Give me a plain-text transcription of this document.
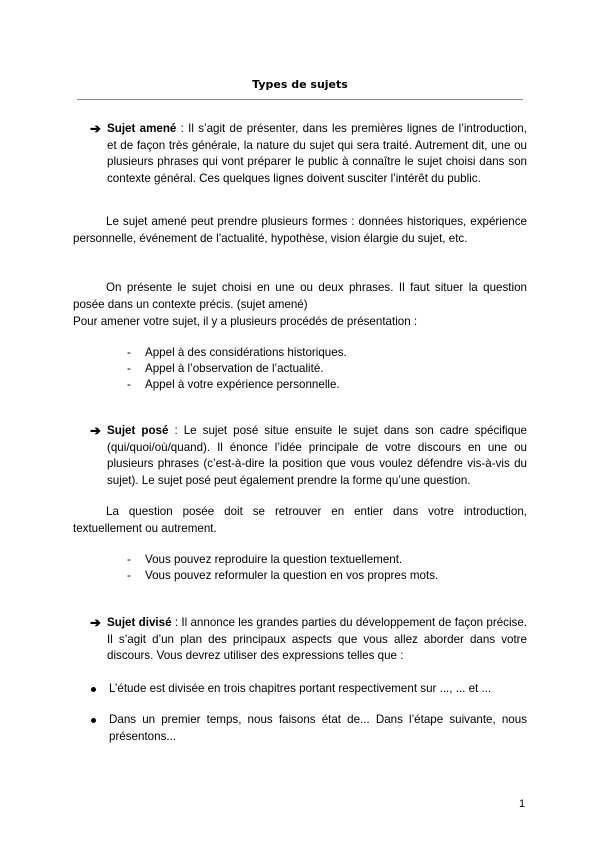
Types de sujets
➔ Sujet amené : Il s’agit de présenter, dans les premières lignes de l’introduction, et de façon très générale, la nature du sujet qui sera traité. Autrement dit, une ou plusieurs phrases qui vont préparer le public à connaître le sujet choisi dans son contexte général. Ces quelques lignes doivent susciter l’intérêt du public.

Le sujet amené peut prendre plusieurs formes : données historiques, expérience personnelle, événement de l’actualité, hypothèse, vision élargie du sujet, etc.

On présente le sujet choisi en une ou deux phrases. Il faut situer la question posée dans un contexte précis. (sujet amené)

Pour amener votre sujet, il y a plusieurs procédés de présentation :

- Appel à des considérations historiques.
- Appel à l’observation de l’actualité.
- Appel à votre expérience personnelle.
➔ Sujet posé : Le sujet posé situe ensuite le sujet dans son cadre spécifique (qui/quoi/où/quand). Il énonce l’idée principale de votre discours en une ou plusieurs phrases (c’est-à-dire la position que vous voulez défendre vis-à-vis du sujet). Le sujet posé peut également prendre la forme qu’une question.

La question posée doit se retrouver en entier dans votre introduction, textuellement ou autrement.

- Vous pouvez reproduire la question textuellement.
- Vous pouvez reformuler la question en vos propres mots.
➔ Sujet divisé : Il annonce les grandes parties du développement de façon précise. Il s’agit d’un plan des principaux aspects que vous allez aborder dans votre discours. Vous devrez utiliser des expressions telles que :

L’étude est divisée en trois chapitres portant respectivement sur ..., ... et ...

Dans un premier temps, nous faisons état de... Dans l’étape suivante, nous présentons...

1
